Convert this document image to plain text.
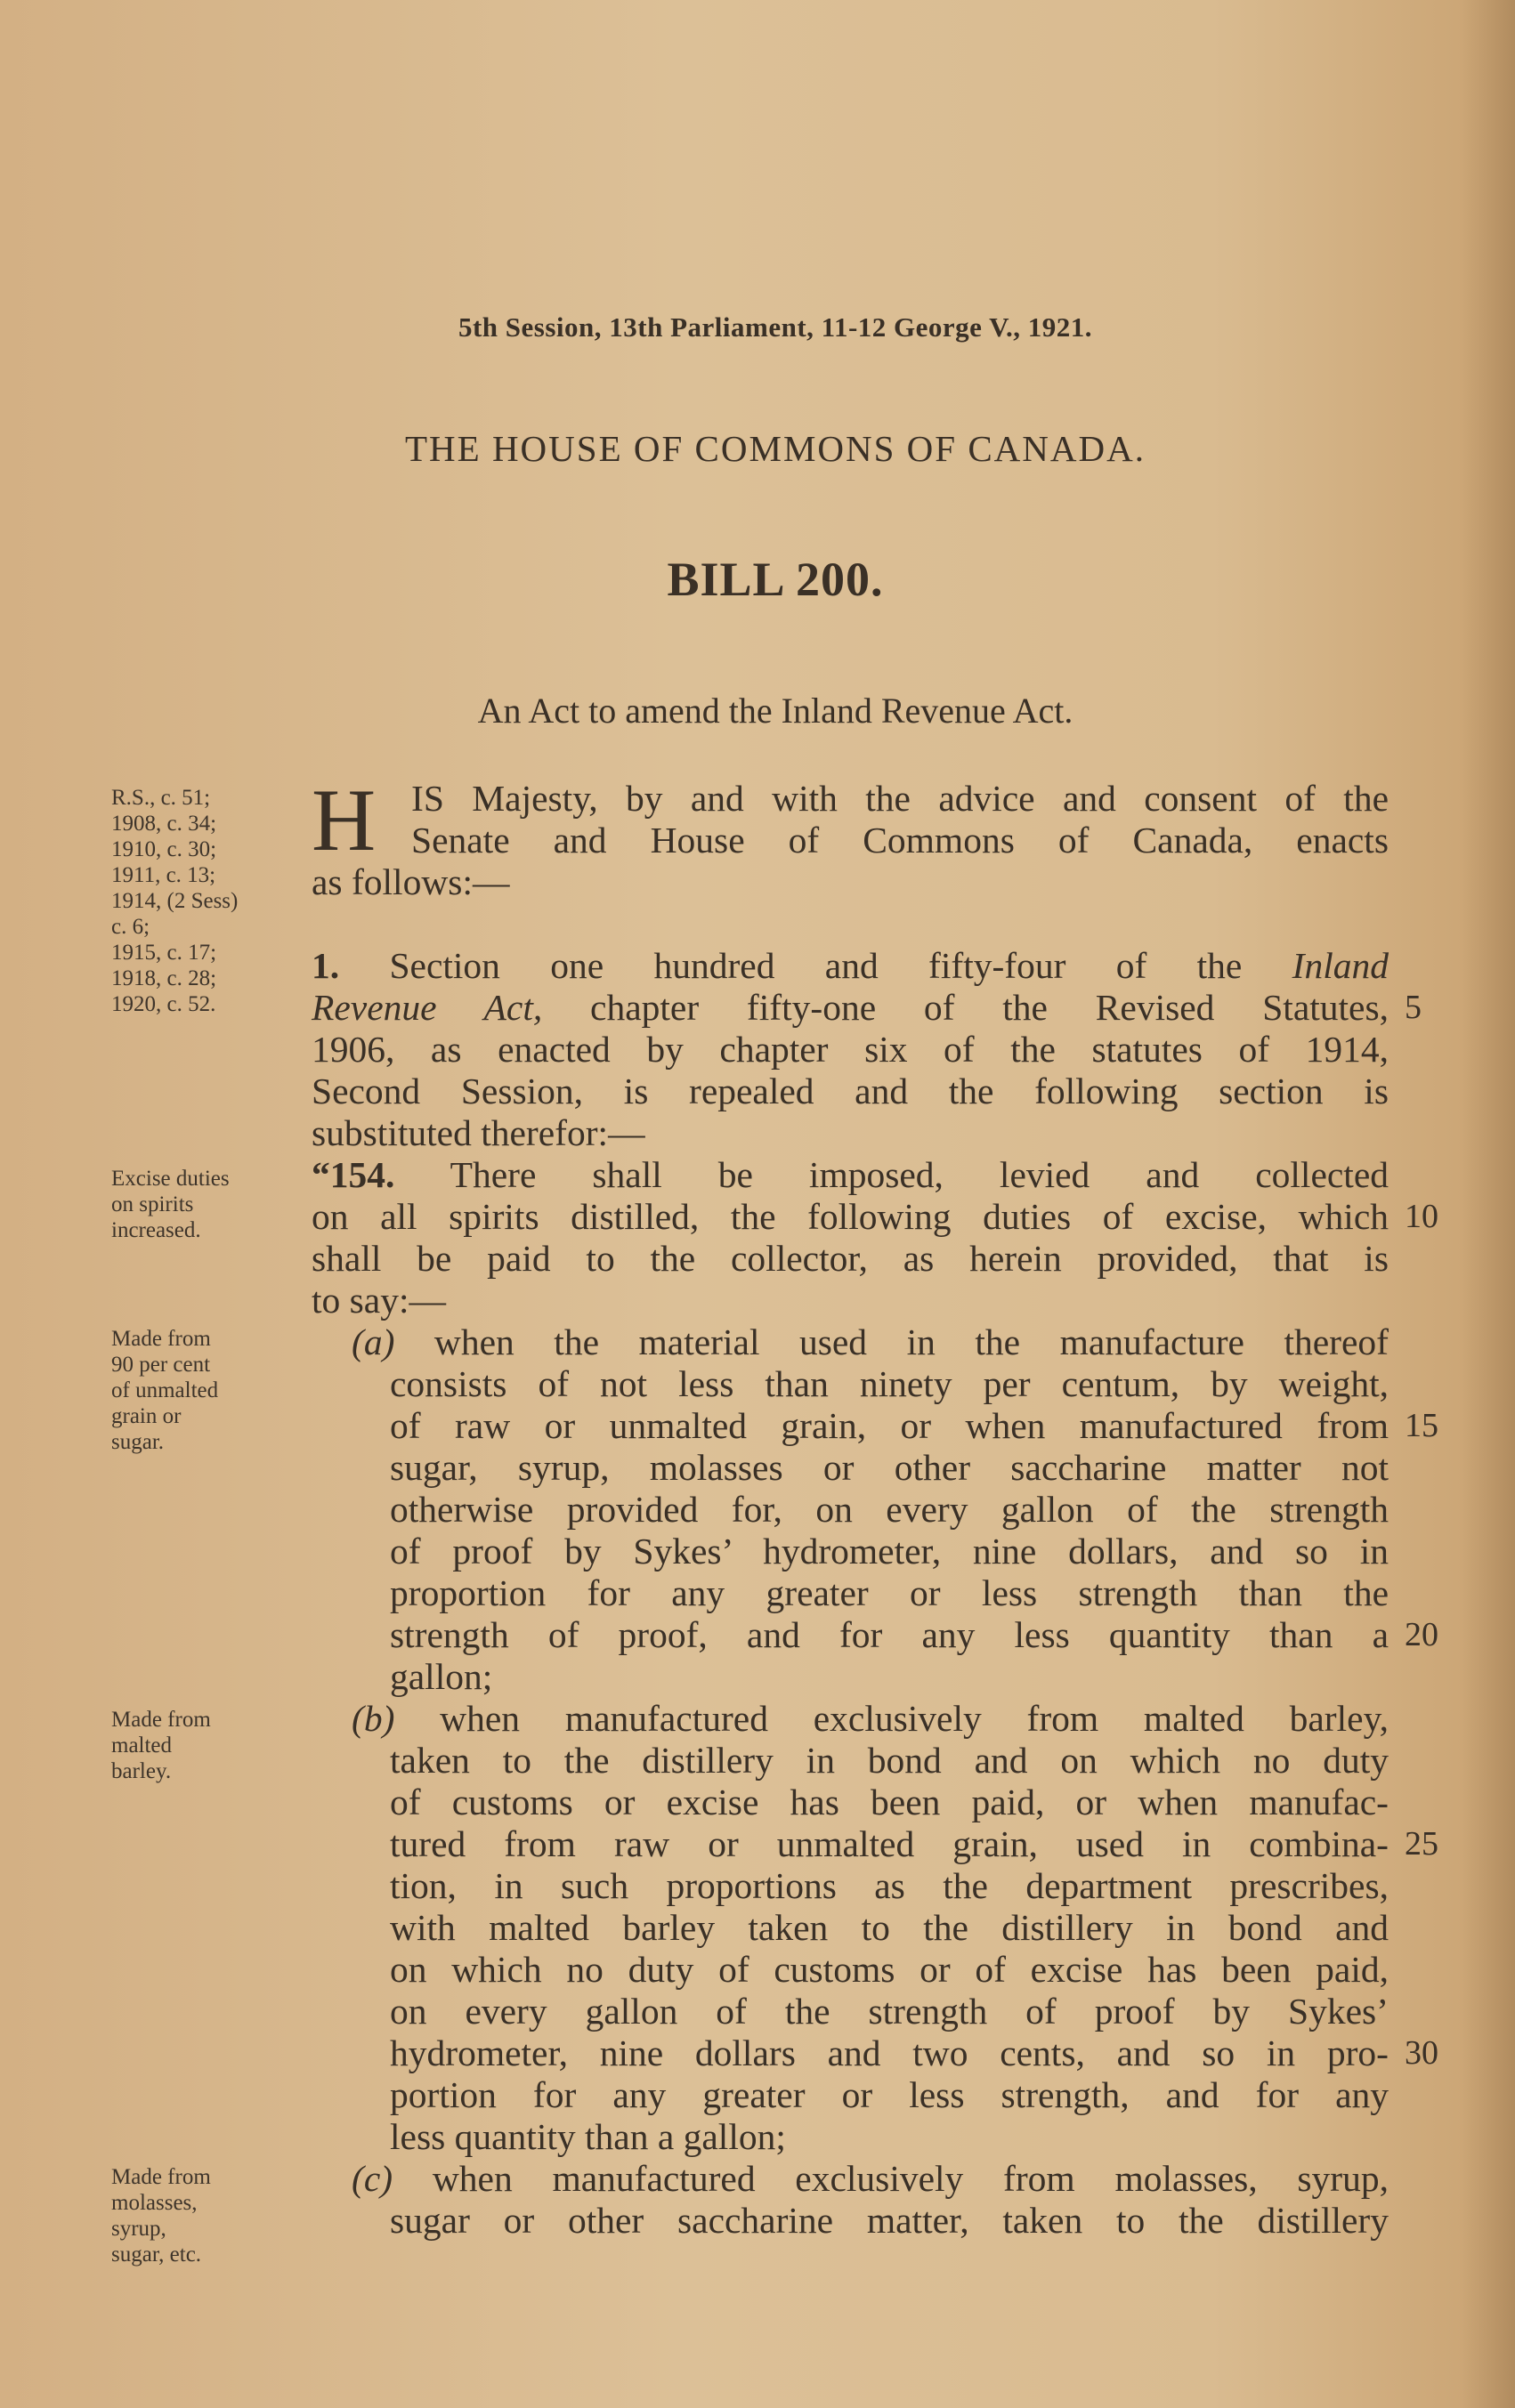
5th Session, 13th Parliament, 11-12 George V., 1921.
THE HOUSE OF COMMONS OF CANADA.
BILL 200.
An Act to amend the Inland Revenue Act.
R.S., c. 51;
1908, c. 34;
1910, c. 30;
1911, c. 13;
1914, (2 Sess)
c. 6;
1915, c. 17;
1918, c. 28;
1920, c. 52.
Excise duties
on spirits
increased.
Made from
90 per cent
of unmalted
grain or
sugar.
Made from
malted
barley.
Made from
molasses,
syrup,
sugar, etc.
H IS Majesty, by and with the advice and consent of the
Senate and House of Commons of Canada, enacts
as follows:—
1. Section one hundred and fifty-four of the Inland
Revenue Act, chapter fifty-one of the Revised Statutes,
1906, as enacted by chapter six of the statutes of 1914,
Second Session, is repealed and the following section is
substituted therefor:—
“154. There shall be imposed, levied and collected
on all spirits distilled, the following duties of excise, which
shall be paid to the collector, as herein provided, that is
to say:—
(a) when the material used in the manufacture thereof
consists of not less than ninety per centum, by weight,
of raw or unmalted grain, or when manufactured from
sugar, syrup, molasses or other saccharine matter not
otherwise provided for, on every gallon of the strength
of proof by Sykes’ hydrometer, nine dollars, and so in
proportion for any greater or less strength than the
strength of proof, and for any less quantity than a
gallon;
(b) when manufactured exclusively from malted barley,
taken to the distillery in bond and on which no duty
of customs or excise has been paid, or when manufac-
tured from raw or unmalted grain, used in combina-
tion, in such proportions as the department prescribes,
with malted barley taken to the distillery in bond and
on which no duty of customs or of excise has been paid,
on every gallon of the strength of proof by Sykes’
hydrometer, nine dollars and two cents, and so in pro-
portion for any greater or less strength, and for any
less quantity than a gallon;
(c) when manufactured exclusively from molasses, syrup,
sugar or other saccharine matter, taken to the distillery
5
10
15
20
25
30
